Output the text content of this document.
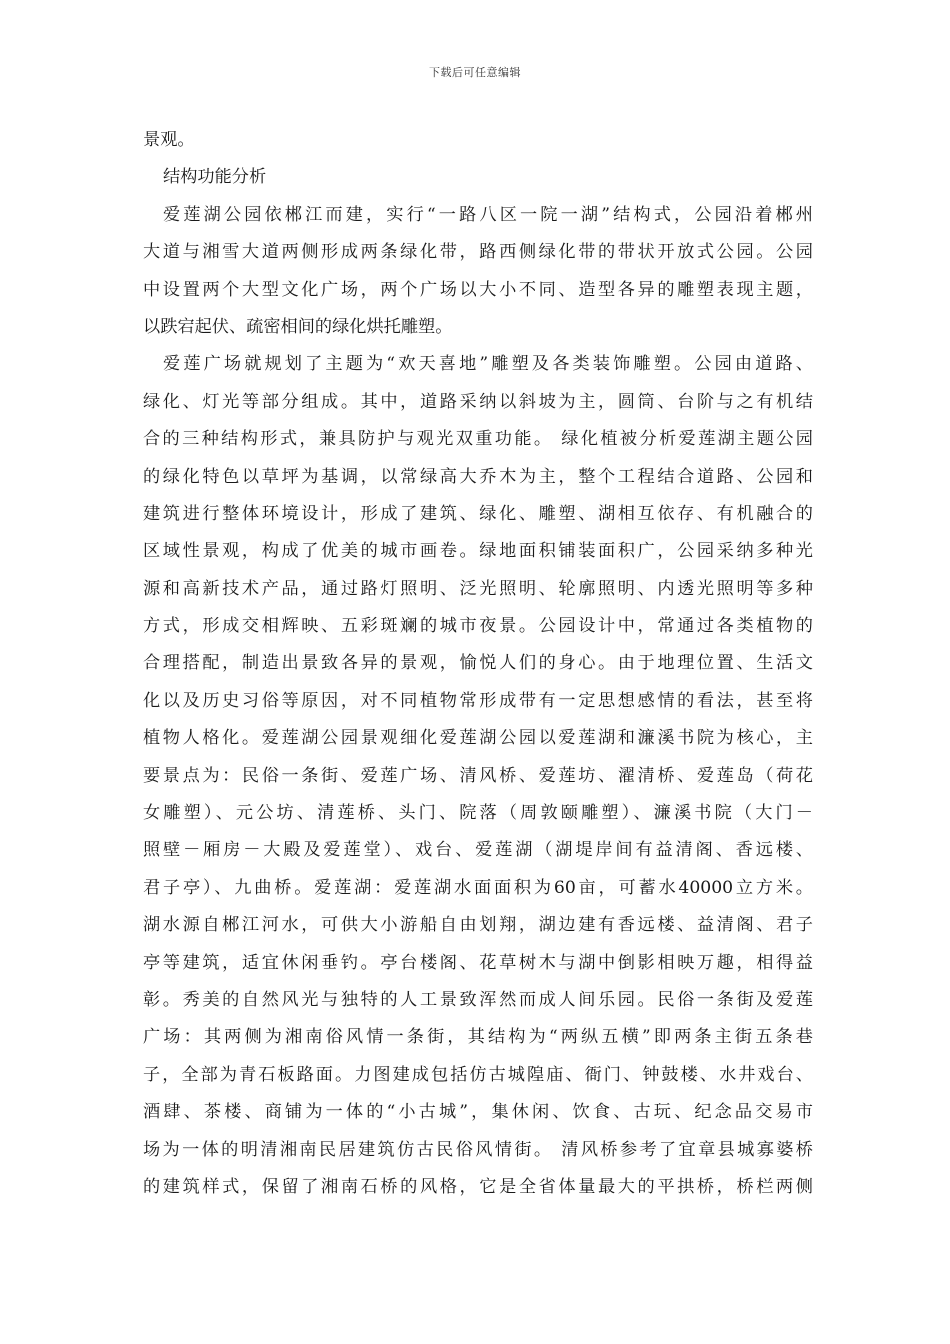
下载后可任意编辑
景观。
结构功能分析
爱莲湖公园依郴江而建，实行“一路八区一院一湖”结构式，公园沿着郴州
大道与湘雪大道两侧形成两条绿化带，路西侧绿化带的带状开放式公园。公园
中设置两个大型文化广场，两个广场以大小不同、造型各异的雕塑表现主题，
以跌宕起伏、疏密相间的绿化烘托雕塑。
爱莲广场就规划了主题为“欢天喜地”雕塑及各类装饰雕塑。公园由道路、
绿化、灯光等部分组成。其中，道路采纳以斜坡为主，圆筒、台阶与之有机结
合的三种结构形式，兼具防护与观光双重功能。 绿化植被分析爱莲湖主题公园
的绿化特色以草坪为基调，以常绿高大乔木为主，整个工程结合道路、公园和
建筑进行整体环境设计，形成了建筑、绿化、雕塑、湖相互依存、有机融合的
区域性景观，构成了优美的城市画卷。绿地面积铺装面积广，公园采纳多种光
源和高新技术产品，通过路灯照明、泛光照明、轮廓照明、内透光照明等多种
方式，形成交相辉映、五彩斑斓的城市夜景。公园设计中，常通过各类植物的
合理搭配，制造出景致各异的景观，愉悦人们的身心。由于地理位置、生活文
化以及历史习俗等原因，对不同植物常形成带有一定思想感情的看法，甚至将
植物人格化。爱莲湖公园景观细化爱莲湖公园以爱莲湖和濂溪书院为核心，主
要景点为：民俗一条街、爱莲广场、清风桥、爱莲坊、濯清桥、爱莲岛（荷花
女雕塑）、元公坊、清莲桥、头门、院落（周敦颐雕塑）、濂溪书院（大门－
照壁－厢房－大殿及爱莲堂）、戏台、爱莲湖（湖堤岸间有益清阁、香远楼、
君子亭）、九曲桥。爱莲湖：爱莲湖水面面积为60亩，可蓄水40000立方米。
湖水源自郴江河水，可供大小游船自由划翔，湖边建有香远楼、益清阁、君子
亭等建筑，适宜休闲垂钓。亭台楼阁、花草树木与湖中倒影相映万趣，相得益
彰。秀美的自然风光与独特的人工景致浑然而成人间乐园。民俗一条街及爱莲
广场：其两侧为湘南俗风情一条街，其结构为“两纵五横”即两条主街五条巷
子，全部为青石板路面。力图建成包括仿古城隍庙、衙门、钟鼓楼、水井戏台、
酒肆、茶楼、商铺为一体的“小古城”，集休闲、饮食、古玩、纪念品交易市
场为一体的明清湘南民居建筑仿古民俗风情街。 清风桥参考了宜章县城寡婆桥
的建筑样式，保留了湘南石桥的风格，它是全省体量最大的平拱桥，桥栏两侧
